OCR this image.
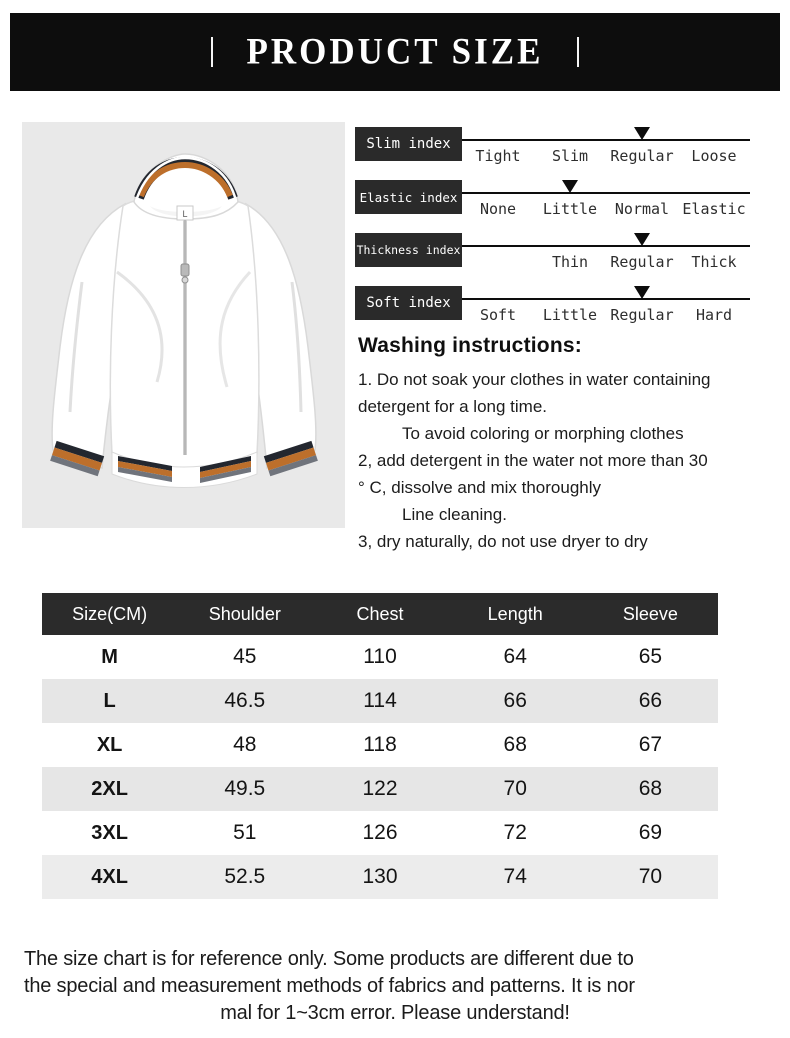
PRODUCT SIZE
L
Slim index
Tight	Slim	Regular	Loose
Elastic index
None	Little	Normal Elastic
Thickness index
Thin	Regular	Thick
Soft index
Soft	Little Regular	Hard
Washing instructions:
1. Do not soak your clothes in water containing
detergent for a long time.
To avoid coloring or morphing clothes
2, add detergent in the water not more than 30
° C, dissolve and mix thoroughly
Line cleaning.
3, dry naturally, do not use dryer to dry
Size(CM)	Shoulder	Chest	Length	Sleeve
M	45	110	64	65
L	46.5	114	66	66
XL	48	118	68	67
2XL	49.5	122	70	68
3XL	51	126	72	69
4XL	52.5	130	74	70
The size chart is for reference only. Some products are different due to
the special and measurement methods of fabrics and patterns. It is nor
mal for 1~3cm error. Please understand!
